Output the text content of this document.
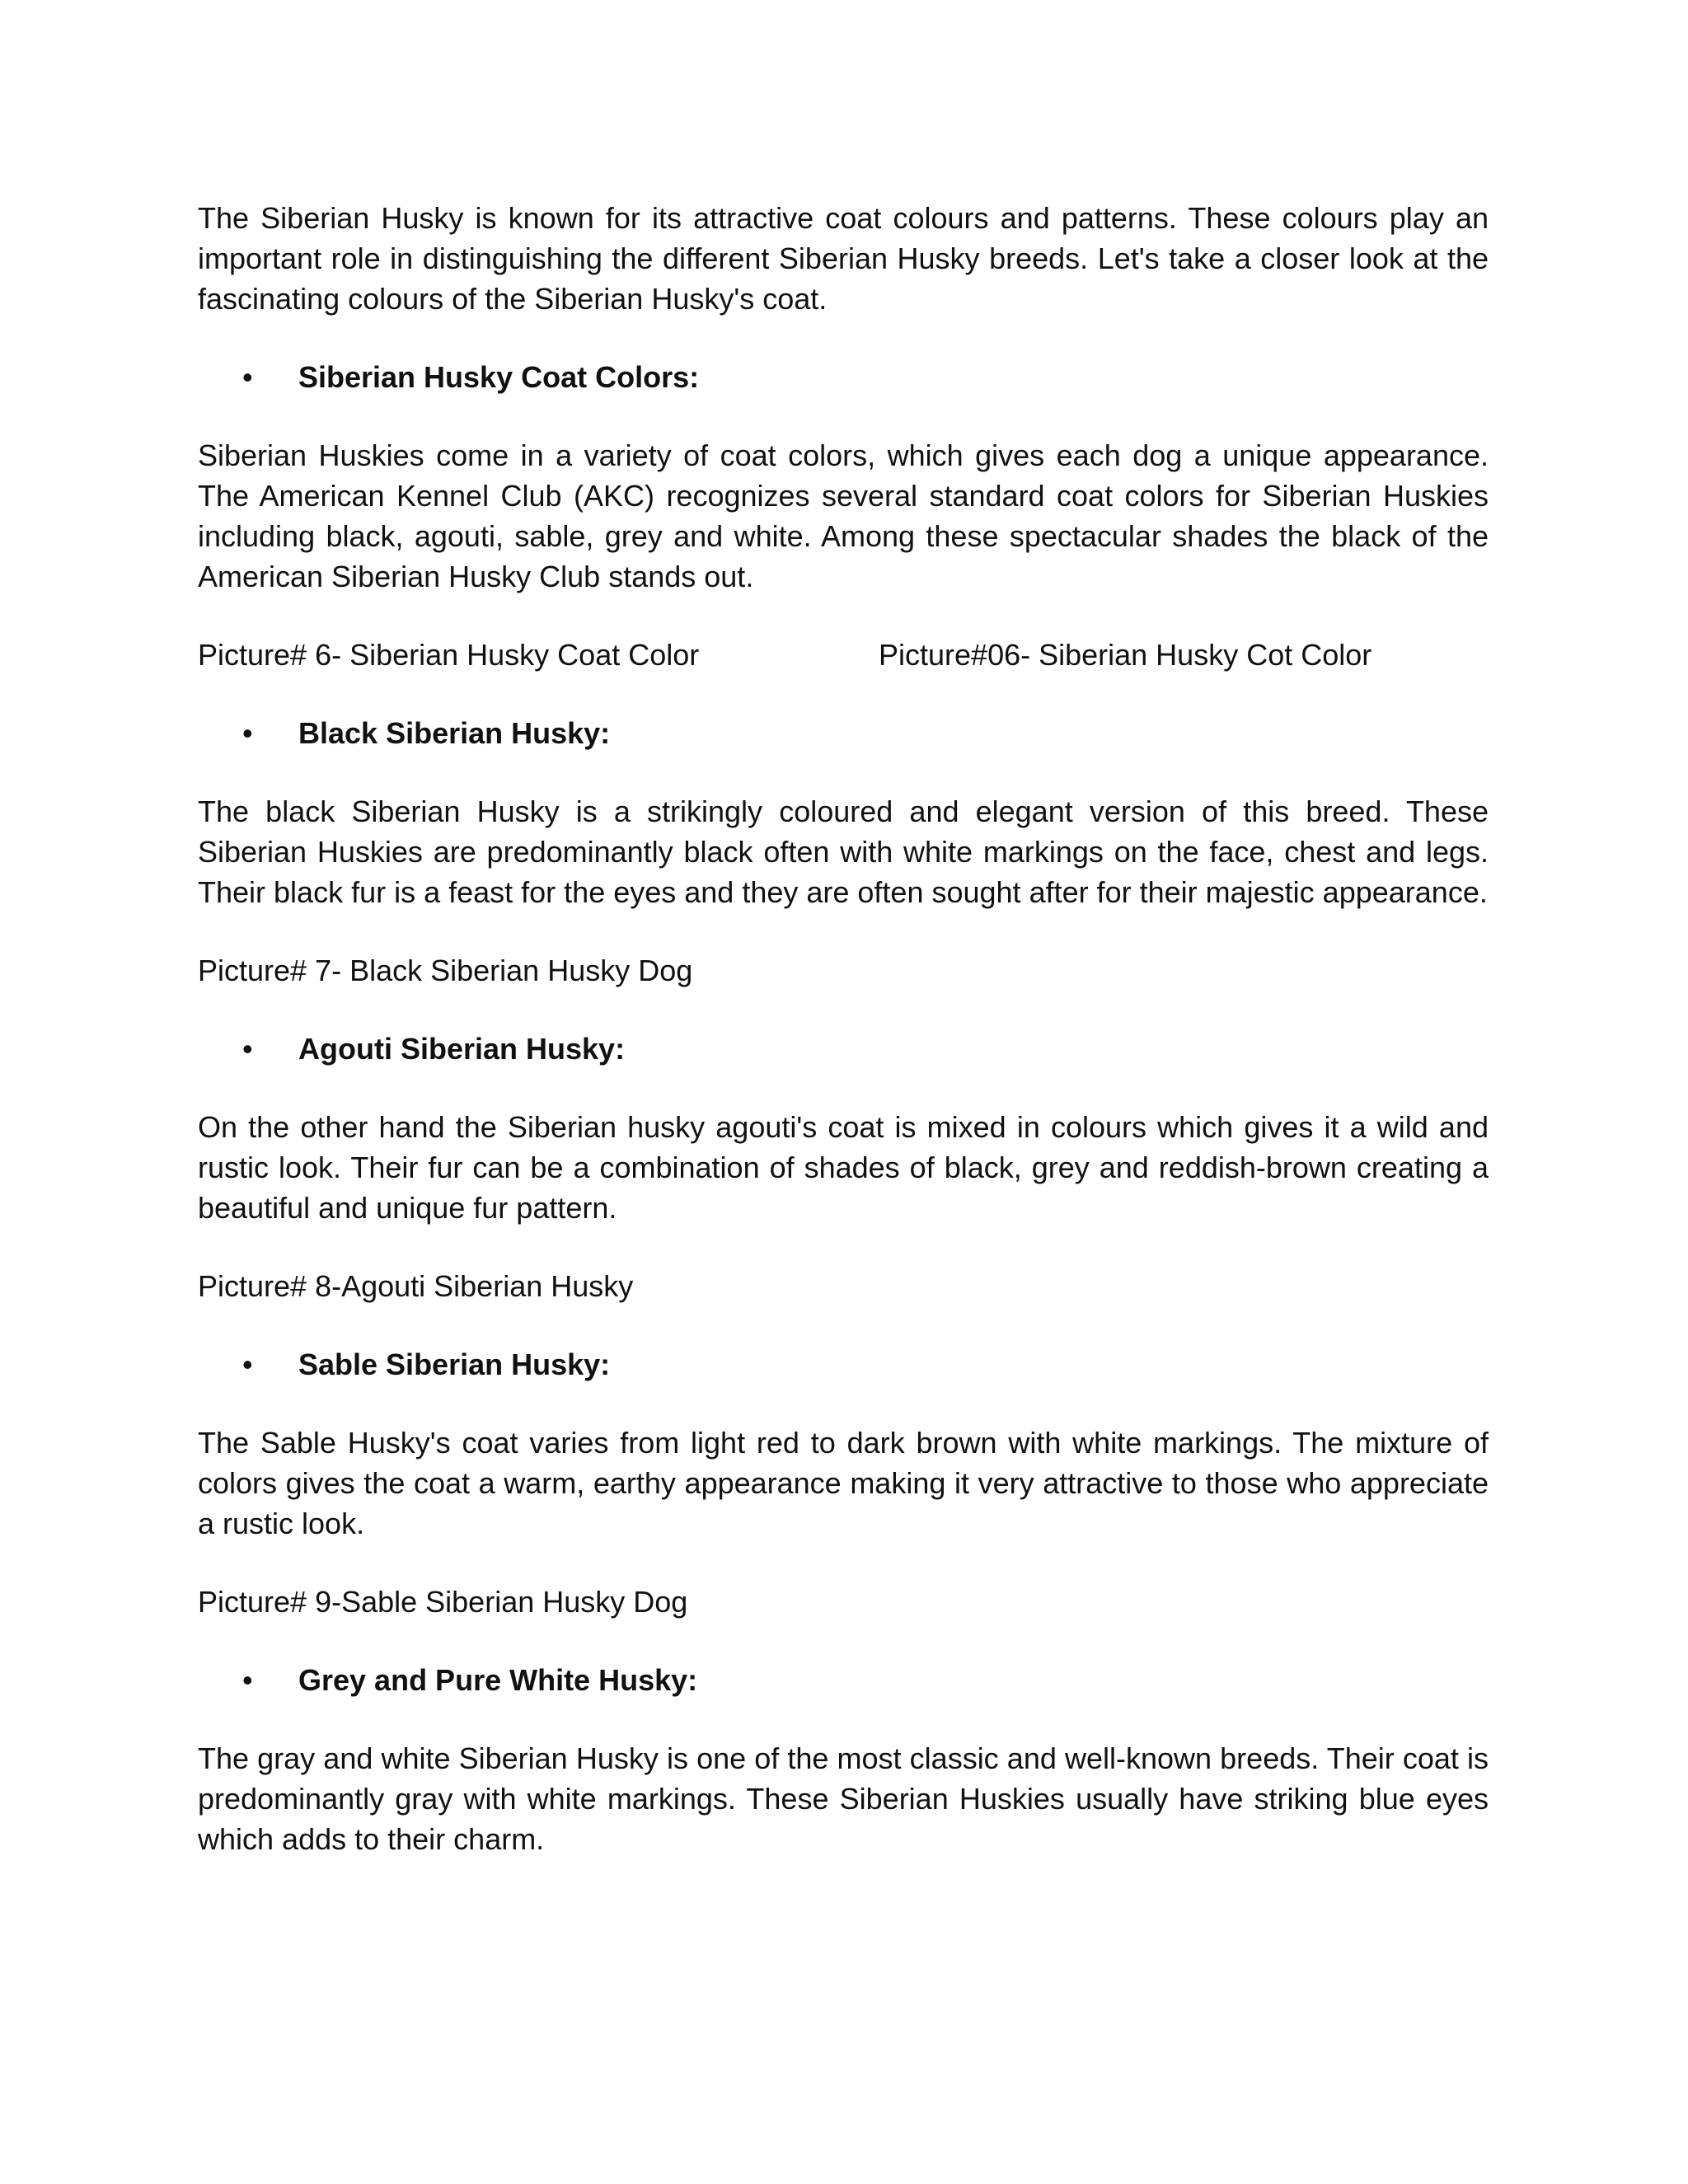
The Siberian Husky is known for its attractive coat colours and patterns. These colours play an important role in distinguishing the different Siberian Husky breeds. Let's take a closer look at the fascinating colours of the Siberian Husky's coat.

• Siberian Husky Coat Colors:

Siberian Huskies come in a variety of coat colors, which gives each dog a unique appearance. The American Kennel Club (AKC) recognizes several standard coat colors for Siberian Huskies including black, agouti, sable, grey and white. Among these spectacular shades the black of the American Siberian Husky Club stands out.

Picture# 6- Siberian Husky Coat Color	Picture#06- Siberian Husky Cot Color
• Black Siberian Husky:

The black Siberian Husky is a strikingly coloured and elegant version of this breed. These Siberian Huskies are predominantly black often with white markings on the face, chest and legs. Their black fur is a feast for the eyes and they are often sought after for their majestic appearance.

Picture# 7- Black Siberian Husky Dog
• Agouti Siberian Husky:

On the other hand the Siberian husky agouti's coat is mixed in colours which gives it a wild and rustic look. Their fur can be a combination of shades of black, grey and reddish-brown creating a beautiful and unique fur pattern.

Picture# 8-Agouti Siberian Husky
• Sable Siberian Husky:

The Sable Husky's coat varies from light red to dark brown with white markings. The mixture of colors gives the coat a warm, earthy appearance making it very attractive to those who appreciate a rustic look.

Picture# 9-Sable Siberian Husky Dog
• Grey and Pure White Husky:

The gray and white Siberian Husky is one of the most classic and well-known breeds. Their coat is predominantly gray with white markings. These Siberian Huskies usually have striking blue eyes which adds to their charm.
